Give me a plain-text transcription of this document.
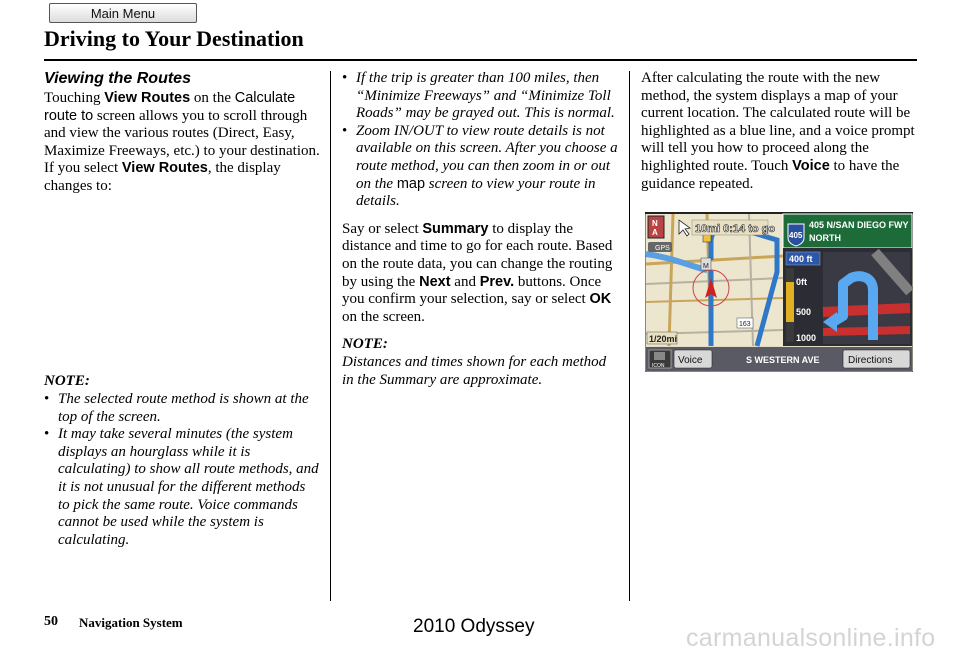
Main Menu
Driving to Your Destination
Viewing the Routes

Touching View Routes on the Calculate route to screen allows you to scroll through and view the various routes (Direct, Easy, Maximize Freeways, etc.) to your destination. If you select View Routes, the display changes to:

NOTE:

• The selected route method is shown at the top of the screen.
• It may take several minutes (the system displays an hourglass while it is calculating) to show all route methods, and it is not unusual for the different methods to pick the same route. Voice commands cannot be used while the system is calculating.
• If the trip is greater than 100 miles, then “Minimize Freeways” and “Minimize Toll Roads” may be grayed out. This is normal.
• Zoom IN/OUT to view route details is not available on this screen. After you choose a route method, you can then zoom in or out on the map screen to view your route in details.

Say or select Summary to display the distance and time to go for each route. Based on the route data, you can change the routing by using the Next and Prev. buttons. Once you confirm your selection, say or select OK on the screen.

NOTE:

Distances and times shown for each method in the Summary are approximate.

After calculating the route with the new method, the system displays a map of your current location. The calculated route will be highlighted as a blue line, and a voice prompt will tell you how to proceed along the highlighted route. Touch Voice to have the guidance repeated.

M
163
N
A	10mi 0:14 to go
GPS
1/20mi
405
405 N/SAN DIEGO FWY
NORTH
400 ft
0ft
500
1000
ICON Voice	S WESTERN AVE	Directions
50 Navigation System	2010 Odyssey	carmanualsonline.info
